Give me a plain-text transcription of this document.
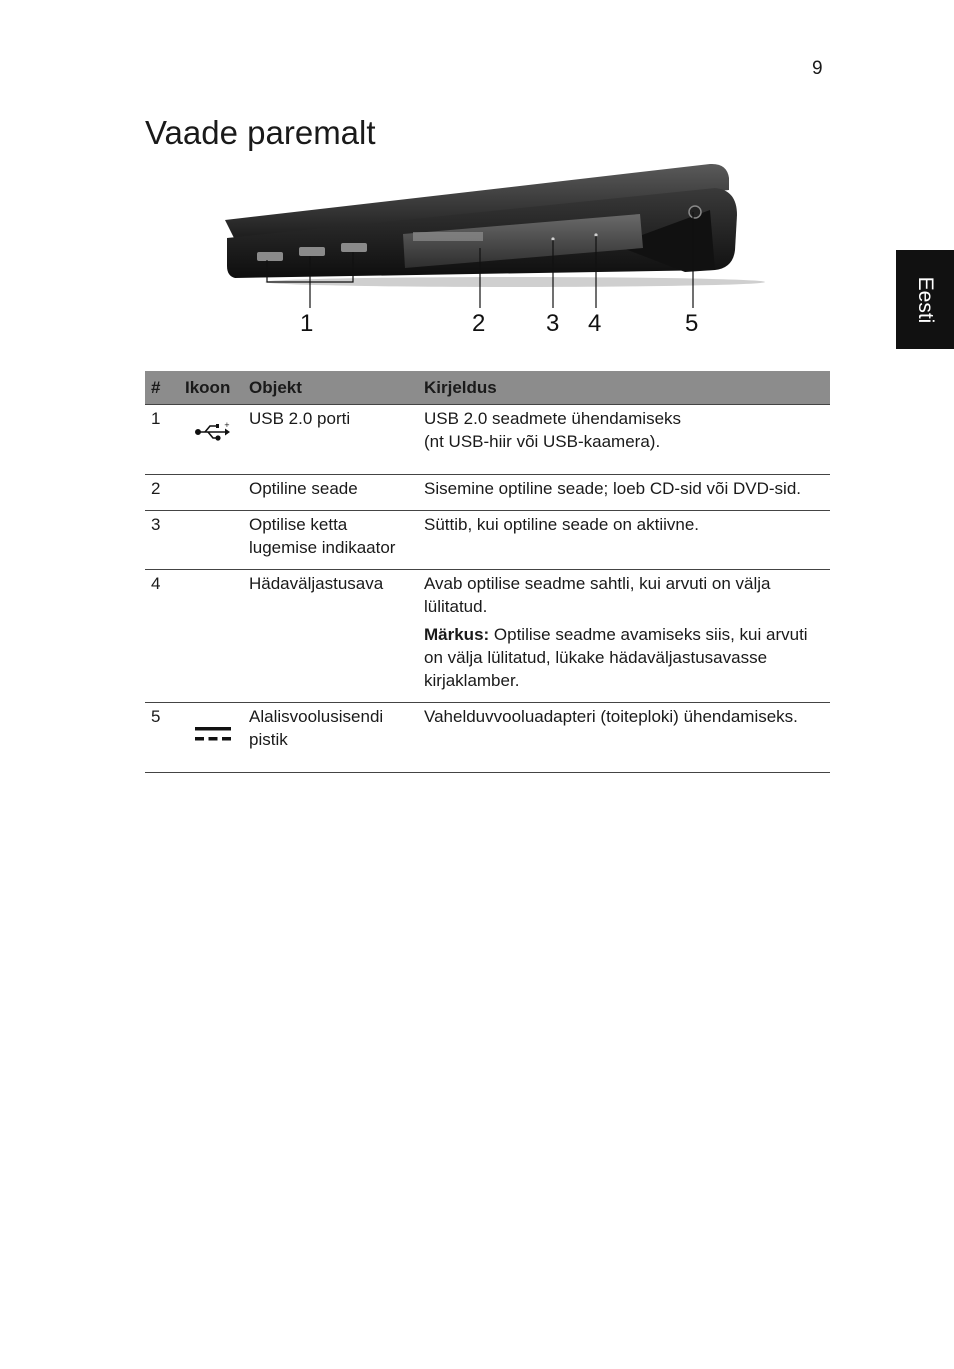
9
Vaade paremalt
Eesti
1	2	3 4	5
#	Ikoon	Objekt	Kirjeldus
1	+	USB 2.0 porti	USB 2.0 seadmete ühendamiseks
(nt USB-hiir või USB-kaamera).

2		Optiline seade	Sisemine optiline seade; loeb CD-sid või DVD-sid.
3		Optilise ketta
lugemise indikaator	Süttib, kui optiline seade on aktiivne.
4		Hädaväljastusava	Avab optilise seadme sahtli, kui arvuti on välja lülitatud.

Märkus: Optilise seadme avamiseks siis, kui arvuti on välja lülitatud, lükake hädaväljastusavasse kirjaklamber.

5		Alalisvoolusisendi
pistik	Vahelduvvooluadapteri (toiteploki) ühendamiseks.
